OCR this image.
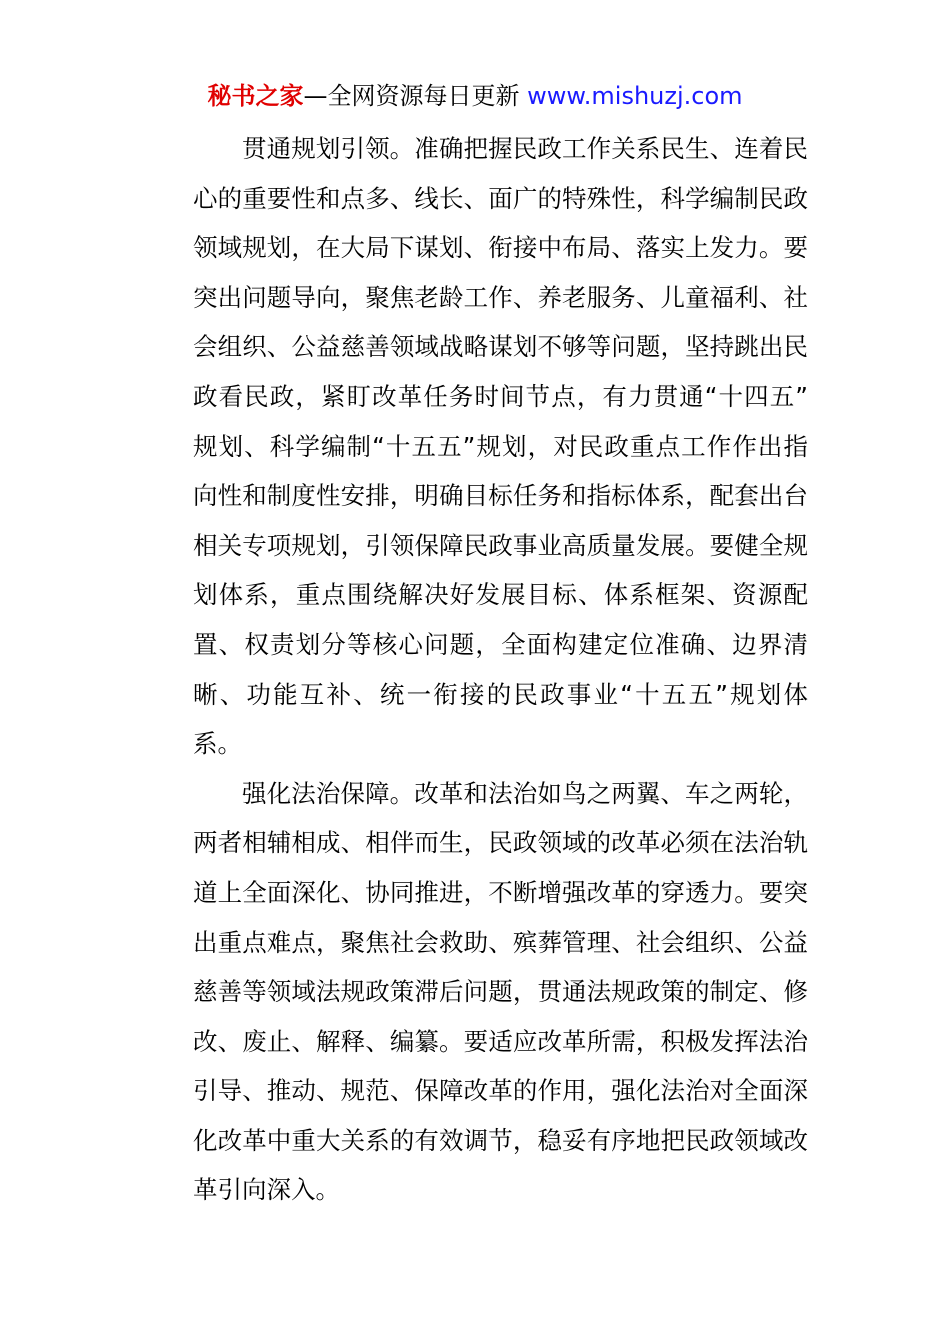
秘书之家—全网资源每日更新 www.mishuzj.com
贯通规划引领。准确把握民政工作关系民生、连着民
心的重要性和点多、线长、面广的特殊性，科学编制民政
领域规划，在大局下谋划、衔接中布局、落实上发力。要
突出问题导向，聚焦老龄工作、养老服务、儿童福利、社
会组织、公益慈善领域战略谋划不够等问题，坚持跳出民
政看民政，紧盯改革任务时间节点，有力贯通“十四五”
规划、科学编制“十五五”规划，对民政重点工作作出指
向性和制度性安排，明确目标任务和指标体系，配套出台
相关专项规划，引领保障民政事业高质量发展。要健全规
划体系，重点围绕解决好发展目标、体系框架、资源配
置、权责划分等核心问题，全面构建定位准确、边界清
晰、功能互补、统一衔接的民政事业“十五五”规划体
系。
强化法治保障。改革和法治如鸟之两翼、车之两轮，
两者相辅相成、相伴而生，民政领域的改革必须在法治轨
道上全面深化、协同推进，不断增强改革的穿透力。要突
出重点难点，聚焦社会救助、殡葬管理、社会组织、公益
慈善等领域法规政策滞后问题，贯通法规政策的制定、修
改、废止、解释、编纂。要适应改革所需，积极发挥法治
引导、推动、规范、保障改革的作用，强化法治对全面深
化改革中重大关系的有效调节，稳妥有序地把民政领域改
革引向深入。
